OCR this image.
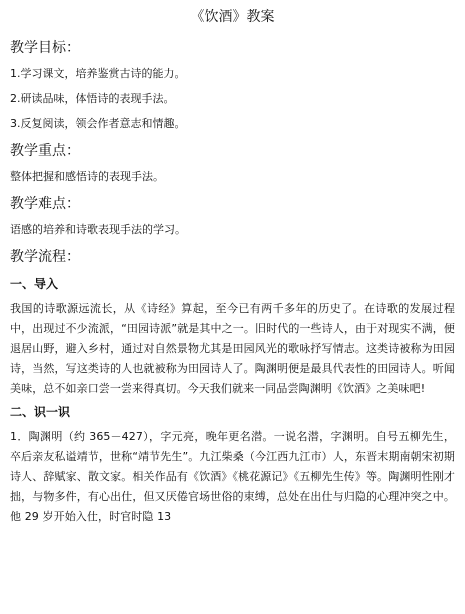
《饮酒》教案
教学目标：
1.学习课文，培养鉴赏古诗的能力。
2.研读品味，体悟诗的表现手法。
3.反复阅读，领会作者意志和情趣。
教学重点：
整体把握和感悟诗的表现手法。
教学难点：
语感的培养和诗歌表现手法的学习。
教学流程：
一、导入
我国的诗歌源远流长，从《诗经》算起，至今已有两千多年的历史了。在诗歌的发展过程中，出现过不少流派，“田园诗派”就是其中之一。旧时代的一些诗人，由于对现实不满，便退居山野，避入乡村，通过对自然景物尤其是田园风光的歌咏抒写情志。这类诗被称为田园诗，当然，写这类诗的人也就被称为田园诗人了。陶渊明便是最具代表性的田园诗人。听闻美味，总不如亲口尝一尝来得真切。今天我们就来一同品尝陶渊明《饮酒》之美味吧!
二、识一识
1．陶渊明（约 365－427），字元亮，晚年更名潜。一说名潜，字渊明。自号五柳先生，卒后亲友私谥靖节，世称“靖节先生”。九江柴桑（今江西九江市）人，东晋末期南朝宋初期诗人、辞赋家、散文家。相关作品有《饮酒》《桃花源记》《五柳先生传》等。陶渊明性刚才拙，与物多件，有心出仕，但又厌倦官场世俗的束缚，总处在出仕与归隐的心理冲突之中。他 29 岁开始入仕，时官时隐 13
